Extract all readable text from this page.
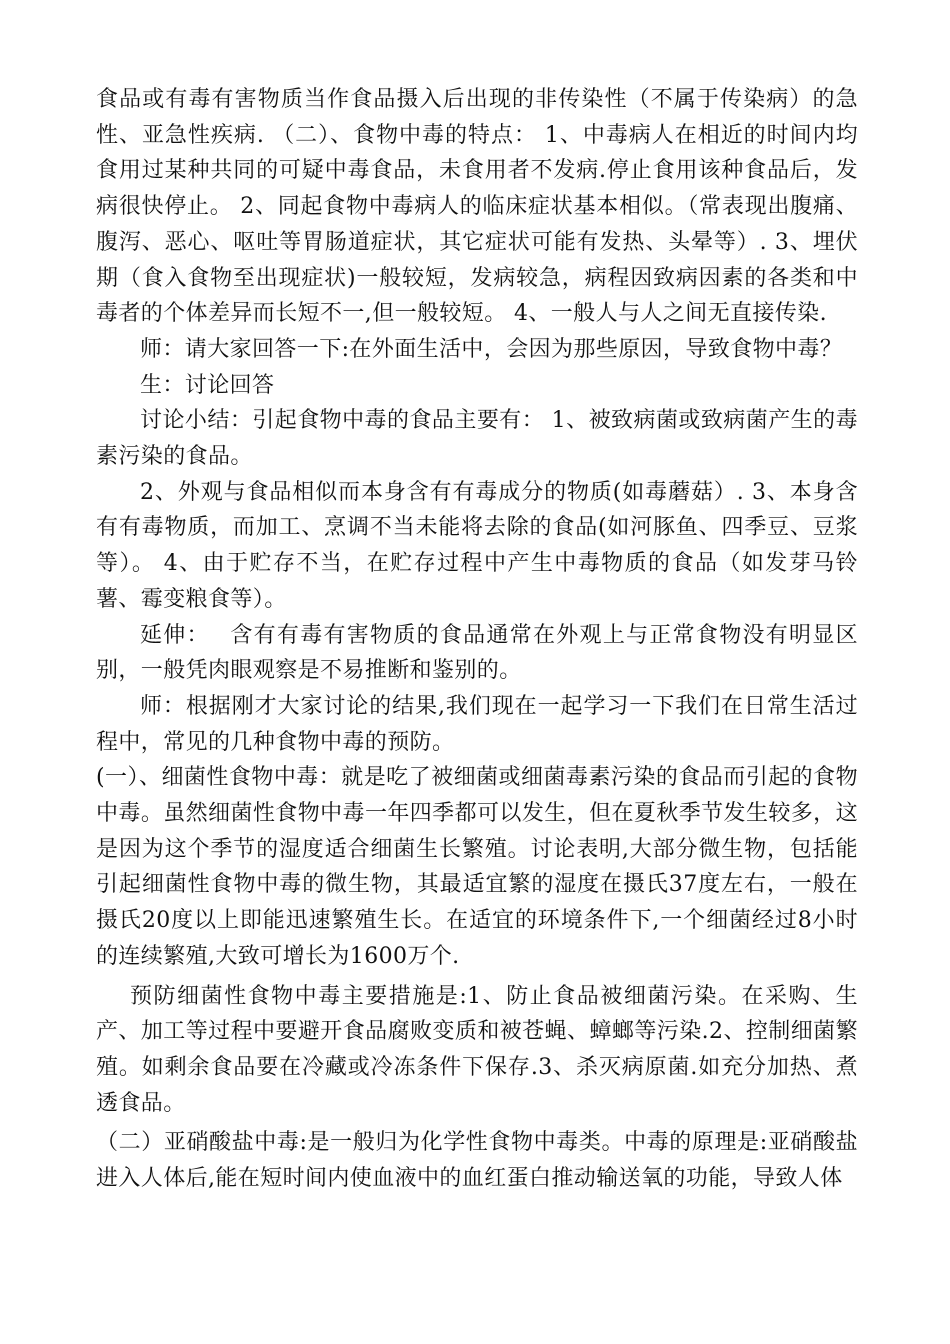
食品或有毒有害物质当作食品摄入后出现的非传染性（不属于传染病）的急性、亚急性疾病. （二）、食物中毒的特点： 1、中毒病人在相近的时间内均食用过某种共同的可疑中毒食品，未食用者不发病.停止食用该种食品后，发病很快停止。 2、同起食物中毒病人的临床症状基本相似。（常表现出腹痛、腹泻、恶心、呕吐等胃肠道症状，其它症状可能有发热、头晕等）. 3、埋伏期（食入食物至出现症状)一般较短，发病较急，病程因致病因素的各类和中毒者的个体差异而长短不一,但一般较短。 4、一般人与人之间无直接传染.

师：请大家回答一下:在外面生活中，会因为那些原因，导致食物中毒？

生：讨论回答

讨论小结：引起食物中毒的食品主要有： 1、被致病菌或致病菌产生的毒素污染的食品。

2、外观与食品相似而本身含有有毒成分的物质(如毒蘑菇）. 3、本身含有有毒物质，而加工、烹调不当未能将去除的食品(如河豚鱼、四季豆、豆浆等）。 4、由于贮存不当，在贮存过程中产生中毒物质的食品（如发芽马铃薯、霉变粮食等）。

延伸：　 含有有毒有害物质的食品通常在外观上与正常食物没有明显区别，一般凭肉眼观察是不易推断和鉴别的。

师：根据刚才大家讨论的结果,我们现在一起学习一下我们在日常生活过程中，常见的几种食物中毒的预防。

(一）、细菌性食物中毒：就是吃了被细菌或细菌毒素污染的食品而引起的食物中毒。虽然细菌性食物中毒一年四季都可以发生，但在夏秋季节发生较多，这是因为这个季节的湿度适合细菌生长繁殖。讨论表明,大部分微生物，包括能引起细菌性食物中毒的微生物，其最适宜繁的湿度在摄氏37度左右，一般在摄氏20度以上即能迅速繁殖生长。在适宜的环境条件下,一个细菌经过8小时的连续繁殖,大致可增长为1600万个.

预防细菌性食物中毒主要措施是:1、防止食品被细菌污染。在采购、生产、加工等过程中要避开食品腐败变质和被苍蝇、蟑螂等污染.2、控制细菌繁殖。如剩余食品要在冷藏或冷冻条件下保存.3、杀灭病原菌.如充分加热、煮透食品。

（二）亚硝酸盐中毒:是一般归为化学性食物中毒类。中毒的原理是:亚硝酸盐进入人体后,能在短时间内使血液中的血红蛋白推动输送氧的功能，导致人体
